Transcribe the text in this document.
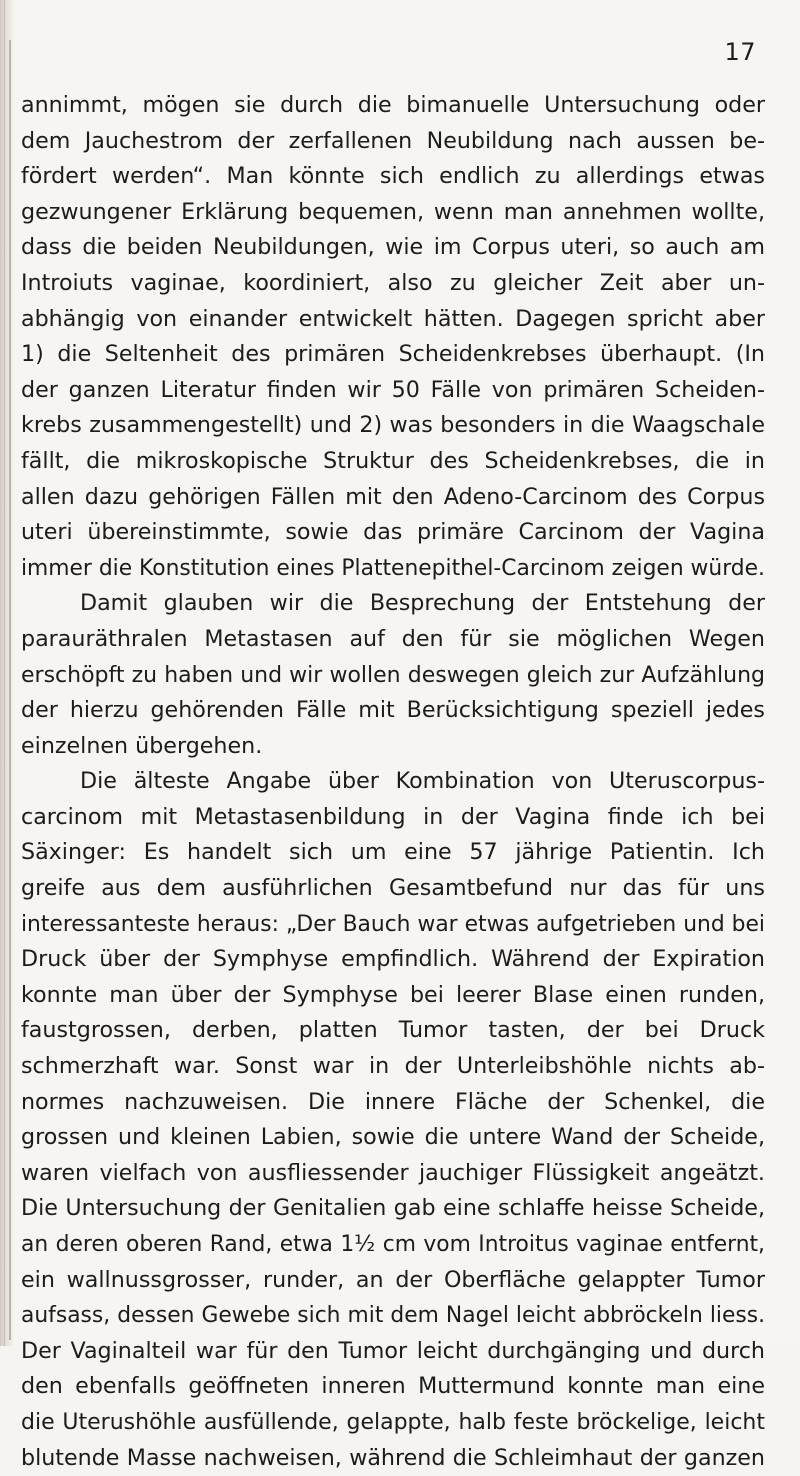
17
annimmt, mögen sie durch die bimanuelle Untersuchung oder
dem Jauchestrom der zerfallenen Neubildung nach aussen be-
fördert werden“. Man könnte sich endlich zu allerdings etwas
gezwungener Erklärung bequemen, wenn man annehmen wollte,
dass die beiden Neubildungen, wie im Corpus uteri, so auch am
Introiuts vaginae, koordiniert, also zu gleicher Zeit aber un-
abhängig von einander entwickelt hätten. Dagegen spricht aber
1) die Seltenheit des primären Scheidenkrebses überhaupt. (In
der ganzen Literatur finden wir 50 Fälle von primären Scheiden-
krebs zusammengestellt) und 2) was besonders in die Waagschale
fällt, die mikroskopische Struktur des Scheidenkrebses, die in
allen dazu gehörigen Fällen mit den Adeno-Carcinom des Corpus
uteri übereinstimmte, sowie das primäre Carcinom der Vagina
immer die Konstitution eines Plattenepithel-Carcinom zeigen würde.
Damit glauben wir die Besprechung der Entstehung der
parauräthralen Metastasen auf den für sie möglichen Wegen
erschöpft zu haben und wir wollen deswegen gleich zur Aufzählung
der hierzu gehörenden Fälle mit Berücksichtigung speziell jedes
einzelnen übergehen.
Die älteste Angabe über Kombination von Uteruscorpus-
carcinom mit Metastasenbildung in der Vagina finde ich bei
Säxinger: Es handelt sich um eine 57 jährige Patientin. Ich
greife aus dem ausführlichen Gesamtbefund nur das für uns
interessanteste heraus: „Der Bauch war etwas aufgetrieben und bei
Druck über der Symphyse empfindlich. Während der Expiration
konnte man über der Symphyse bei leerer Blase einen runden,
faustgrossen, derben, platten Tumor tasten, der bei Druck
schmerzhaft war. Sonst war in der Unterleibshöhle nichts ab-
normes nachzuweisen. Die innere Fläche der Schenkel, die
grossen und kleinen Labien, sowie die untere Wand der Scheide,
waren vielfach von ausfliessender jauchiger Flüssigkeit angeätzt.
Die Untersuchung der Genitalien gab eine schlaffe heisse Scheide,
an deren oberen Rand, etwa 1½ cm vom Introitus vaginae entfernt,
ein wallnussgrosser, runder, an der Oberfläche gelappter Tumor
aufsass, dessen Gewebe sich mit dem Nagel leicht abbröckeln liess.
Der Vaginalteil war für den Tumor leicht durchgänging und durch
den ebenfalls geöffneten inneren Muttermund konnte man eine
die Uterushöhle ausfüllende, gelappte, halb feste bröckelige, leicht
blutende Masse nachweisen, während die Schleimhaut der ganzen
